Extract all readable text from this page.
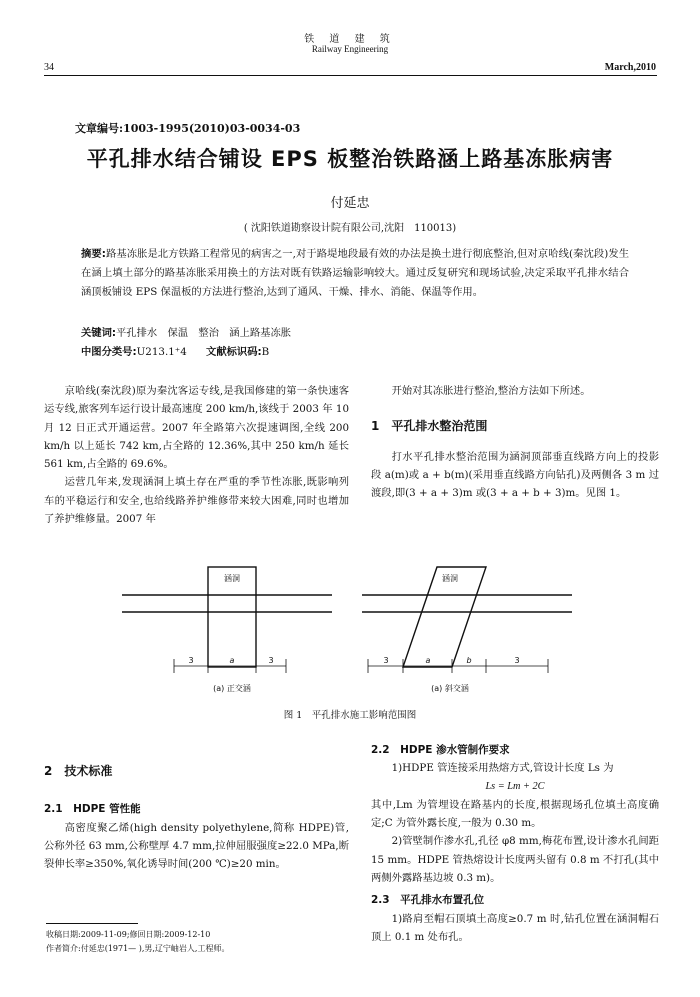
铁 道 建 筑
Railway Engineering
34	March,2010
文章编号:1003-1995(2010)03-0034-03
平孔排水结合铺设 EPS 板整治铁路涵上路基冻胀病害
付延忠
( 沈阳铁道勘察设计院有限公司,沈阳　110013)
摘要:路基冻胀是北方铁路工程常见的病害之一,对于路堤地段最有效的办法是换土进行彻底整治,但对京哈线(秦沈段)发生在涵上填土部分的路基冻胀采用换土的方法对既有铁路运输影响较大。通过反复研究和现场试验,决定采取平孔排水结合涵顶板铺设 EPS 保温板的方法进行整治,达到了通风、干燥、排水、消能、保温等作用。
关键词:平孔排水　保温　整治　涵上路基冻胀
中图分类号:U213.1⁺4 文献标识码:B

京哈线(秦沈段)原为秦沈客运专线,是我国修建的第一条快速客运专线,旅客列车运行设计最高速度 200 km/h,该线于 2003 年 10 月 12 日正式开通运营。2007 年全路第六次提速调图,全线 200 km/h 以上延长 742 km,占全路的 12.36%,其中 250 km/h 延长 561 km,占全路的 69.6%。

运营几年来,发现涵洞上填土存在严重的季节性冻胀,既影响列车的平稳运行和安全,也给线路养护维修带来较大困难,同时也增加了养护维修量。2007 年

开始对其冻胀进行整治,整治方法如下所述。

1　平孔排水整治范围

打水平孔排水整治范围为涵洞顶部垂直线路方向上的投影段 a(m)或 a + b(m)(采用垂直线路方向钻孔)及两侧各 3 m 过渡段,即(3 + a + 3)m 或(3 + a + b + 3)m。见图 1。

涵洞	涵洞
3	a	3	3	a	b	3
(a) 正交涵	(a) 斜交涵
图 1　平孔排水施工影响范围图

2　技术标准

2.1　HDPE 管性能

高密度聚乙烯(high density polyethylene,简称 HDPE)管,公称外径 63 mm,公称壁厚 4.7 mm,拉伸屈服强度≥22.0 MPa,断裂伸长率≥350%,氧化诱导时间(200 ℃)≥20 min。

2.2　HDPE 渗水管制作要求

1)HDPE 管连接采用热熔方式,管设计长度 Ls 为

Ls = Lm + 2C

其中,Lm 为管埋设在路基内的长度,根据现场孔位填土高度确定;C 为管外露长度,一般为 0.30 m。

2)管壁制作渗水孔,孔径 φ8 mm,梅花布置,设计渗水孔间距 15 mm。HDPE 管热熔设计长度两头留有 0.8 m 不打孔(其中两侧外露路基边坡 0.3 m)。

2.3　平孔排水布置孔位

1)路肩至帽石顶填土高度≥0.7 m 时,钻孔位置在涵洞帽石顶上 0.1 m 处布孔。

收稿日期:2009-11-09;修回日期:2009-12-10
作者简介:付延忠(1971— ),男,辽宁岫岩人,工程师。
